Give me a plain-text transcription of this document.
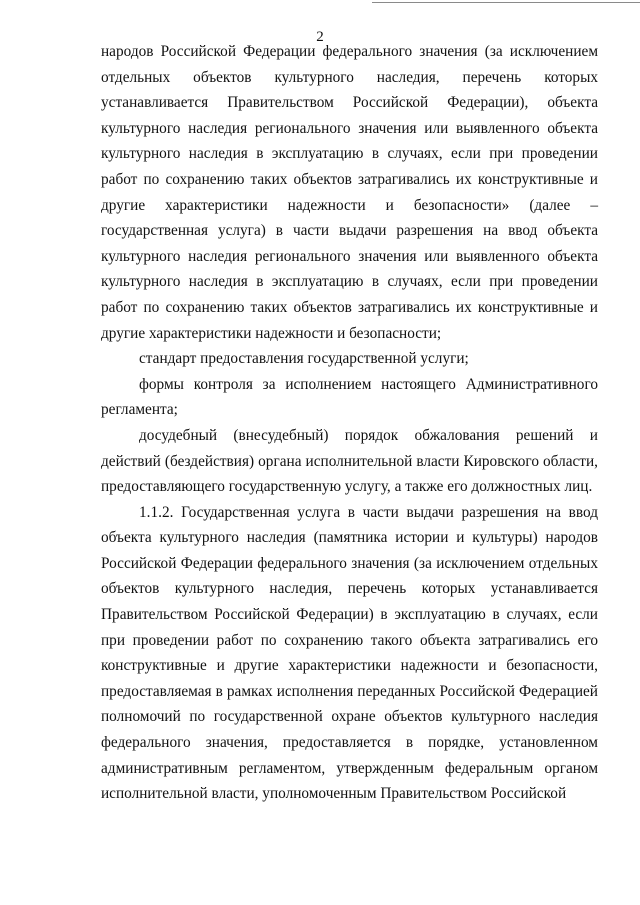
2

народов Российской Федерации федерального значения (за исключением отдельных объектов культурного наследия, перечень которых устанавливается Правительством Российской Федерации), объекта культурного наследия регионального значения или выявленного объекта культурного наследия в эксплуатацию в случаях, если при проведении работ по сохранению таких объектов затрагивались их конструктивные и другие характеристики надежности и безопасности» (далее – государственная услуга) в части выдачи разрешения на ввод объекта культурного наследия регионального значения или выявленного объекта культурного наследия в эксплуатацию в случаях, если при проведении работ по сохранению таких объектов затрагивались их конструктивные и другие характеристики надежности и безопасности;

стандарт предоставления государственной услуги;

формы контроля за исполнением настоящего Административного регламента;

досудебный (внесудебный) порядок обжалования решений и действий (бездействия) органа исполнительной власти Кировского области, предоставляющего государственную услугу, а также его должностных лиц.

1.1.2. Государственная услуга в части выдачи разрешения на ввод объекта культурного наследия (памятника истории и культуры) народов Российской Федерации федерального значения (за исключением отдельных объектов культурного наследия, перечень которых устанавливается Правительством Российской Федерации) в эксплуатацию в случаях, если при проведении работ по сохранению такого объекта затрагивались его конструктивные и другие характеристики надежности и безопасности, предоставляемая в рамках исполнения переданных Российской Федерацией полномочий по государственной охране объектов культурного наследия федерального значения, предоставляется в порядке, установленном административным регламентом, утвержденным федеральным органом исполнительной власти, уполномоченным Правительством Российской
